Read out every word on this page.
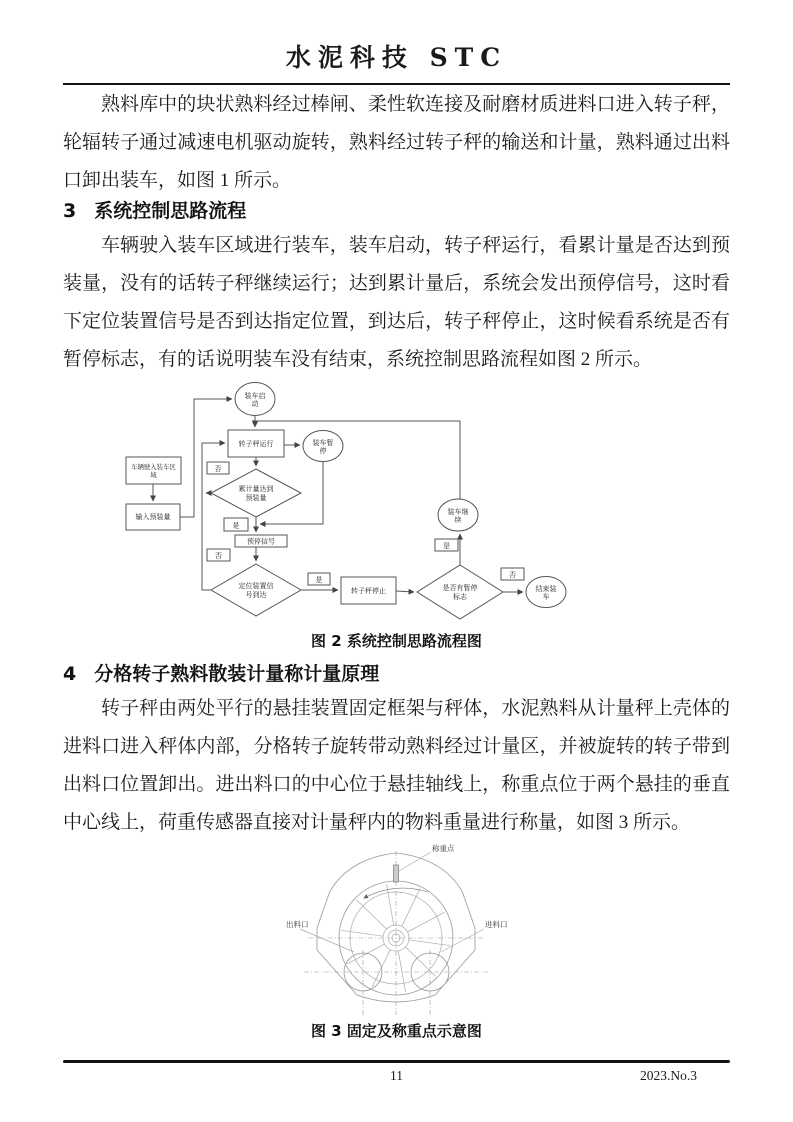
水泥科技 STC

熟料库中的块状熟料经过棒闸、柔性软连接及耐磨材质进料口进入转子秤，轮辐转子通过减速电机驱动旋转，熟料经过转子秤的输送和计量，熟料通过出料口卸出装车，如图 1 所示。

3 系统控制思路流程

车辆驶入装车区域进行装车，装车启动，转子秤运行，看累计量是否达到预装量，没有的话转子秤继续运行；达到累计量后，系统会发出预停信号，这时看下定位装置信号是否到达指定位置，到达后，转子秤停止，这时候看系统是否有暂停标志，有的话说明装车没有结束，系统控制思路流程如图 2 所示。

装车启动
转子秤运行	装车暂停
车辆驶入装车区域
输入预装量
累计量达到预装量
预停信号
定位装置信号到达	转子秤停止	是否有暂停标志
装车继续
结束装车
否
是
否
是
是
否
图 2 系统控制思路流程图
4 分格转子熟料散装计量称计量原理

转子秤由两处平行的悬挂装置固定框架与秤体，水泥熟料从计量秤上壳体的进料口进入秤体内部，分格转子旋转带动熟料经过计量区，并被旋转的转子带到出料口位置卸出。进出料口的中心位于悬挂轴线上，称重点位于两个悬挂的垂直中心线上，荷重传感器直接对计量秤内的物料重量进行称量，如图 3 所示。

称重点
出料口	进料口
图 3 固定及称重点示意图
11	2023.No.3
